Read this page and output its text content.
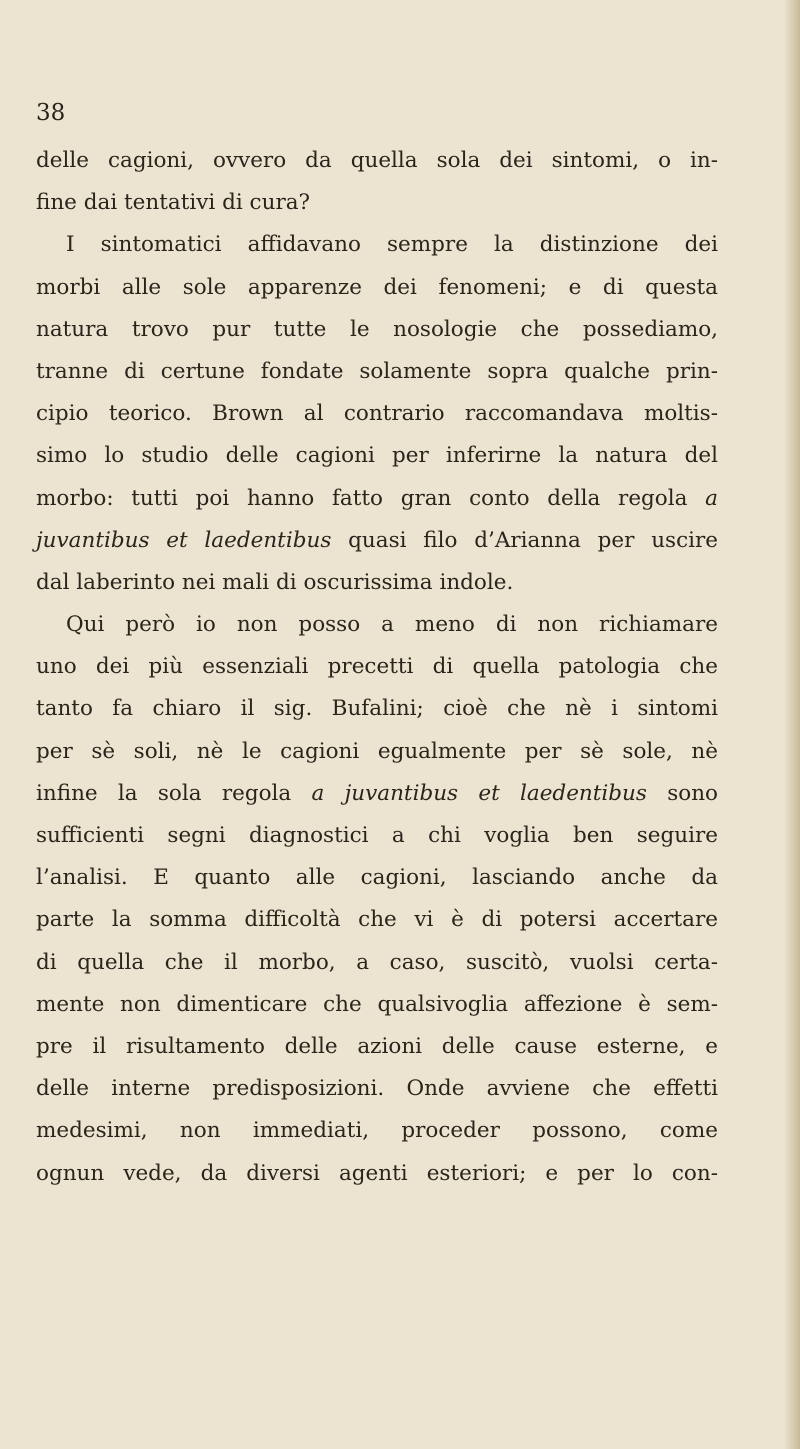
38
delle cagioni, ovvero da quella sola dei sintomi, o in-
fine dai tentativi di cura?
I sintomatici affidavano sempre la distinzione dei
morbi alle sole apparenze dei fenomeni; e di questa
natura trovo pur tutte le nosologie che possediamo,
tranne di certune fondate solamente sopra qualche prin-
cipio teorico. Brown al contrario raccomandava moltis-
simo lo studio delle cagioni per inferirne la natura del
morbo: tutti poi hanno fatto gran conto della regola a
juvantibus et laedentibus quasi filo d’Arianna per uscire
dal laberinto nei mali di oscurissima indole.
Qui però io non posso a meno di non richiamare
uno dei più essenziali precetti di quella patologia che
tanto fa chiaro il sig. Bufalini; cioè che nè i sintomi
per sè soli, nè le cagioni egualmente per sè sole, nè
infine la sola regola a juvantibus et laedentibus sono
sufficienti segni diagnostici a chi voglia ben seguire
l’analisi. E quanto alle cagioni, lasciando anche da
parte la somma difficoltà che vi è di potersi accertare
di quella che il morbo, a caso, suscitò, vuolsi certa-
mente non dimenticare che qualsivoglia affezione è sem-
pre il risultamento delle azioni delle cause esterne, e
delle interne predisposizioni. Onde avviene che effetti
medesimi, non immediati, proceder possono, come
ognun vede, da diversi agenti esteriori; e per lo con-
